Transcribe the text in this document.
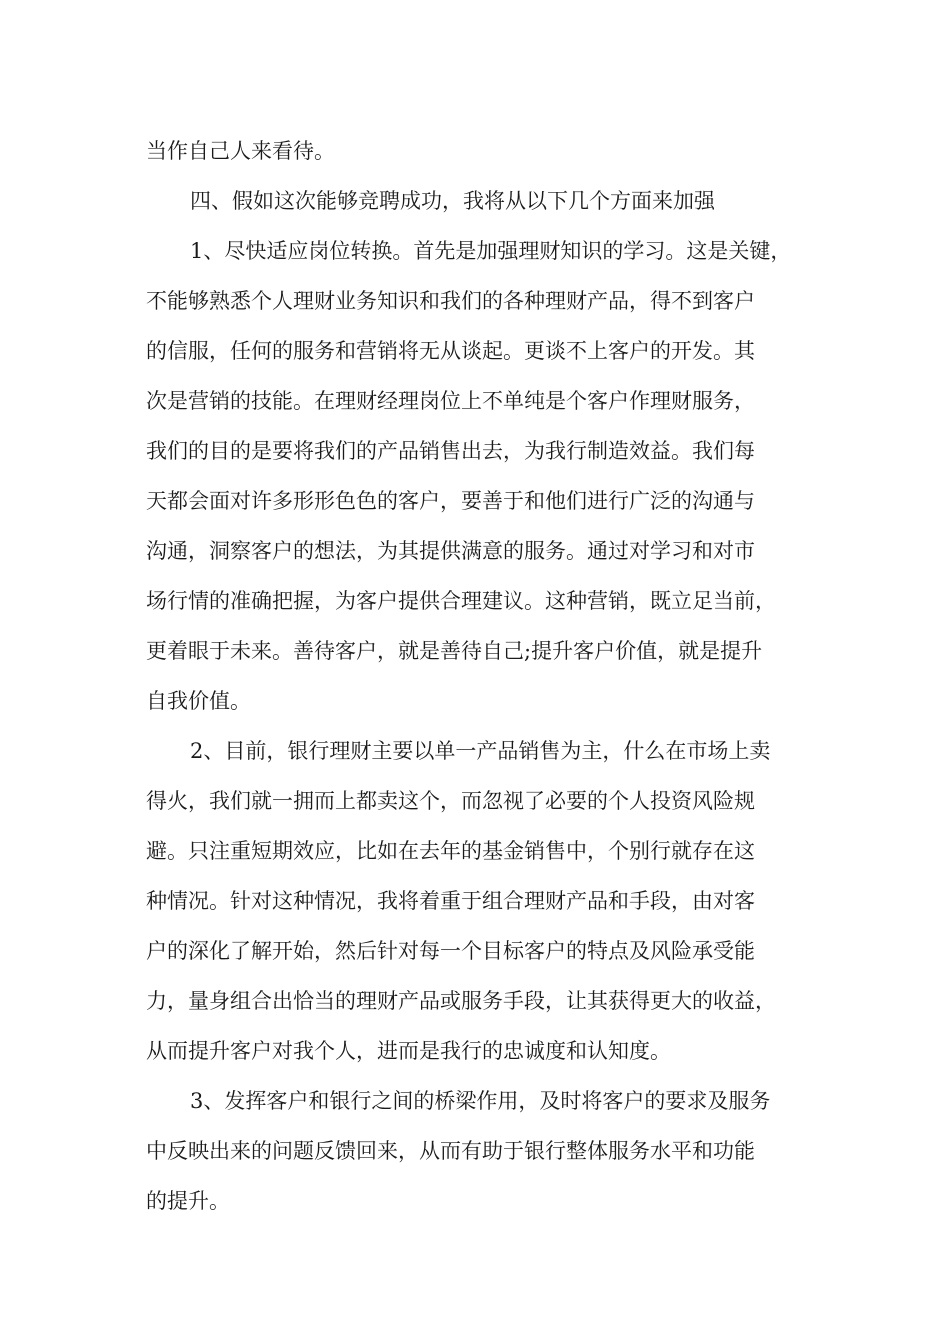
当作自己人来看待。

四、假如这次能够竞聘成功，我将从以下几个方面来加强

1、尽快适应岗位转换。首先是加强理财知识的学习。这是关键，

不能够熟悉个人理财业务知识和我们的各种理财产品，得不到客户

的信服，任何的服务和营销将无从谈起。更谈不上客户的开发。其

次是营销的技能。在理财经理岗位上不单纯是个客户作理财服务，

我们的目的是要将我们的产品销售出去，为我行制造效益。我们每

天都会面对许多形形色色的客户，要善于和他们进行广泛的沟通与

沟通，洞察客户的想法，为其提供满意的服务。通过对学习和对市

场行情的准确把握，为客户提供合理建议。这种营销，既立足当前，

更着眼于未来。善待客户，就是善待自己;提升客户价值，就是提升

自我价值。

2、目前，银行理财主要以单一产品销售为主，什么在市场上卖

得火，我们就一拥而上都卖这个，而忽视了必要的个人投资风险规

避。只注重短期效应，比如在去年的基金销售中，个别行就存在这

种情况。针对这种情况，我将着重于组合理财产品和手段，由对客

户的深化了解开始，然后针对每一个目标客户的特点及风险承受能

力，量身组合出恰当的理财产品或服务手段，让其获得更大的收益，

从而提升客户对我个人，进而是我行的忠诚度和认知度。

3、发挥客户和银行之间的桥梁作用，及时将客户的要求及服务

中反映出来的问题反馈回来，从而有助于银行整体服务水平和功能

的提升。
